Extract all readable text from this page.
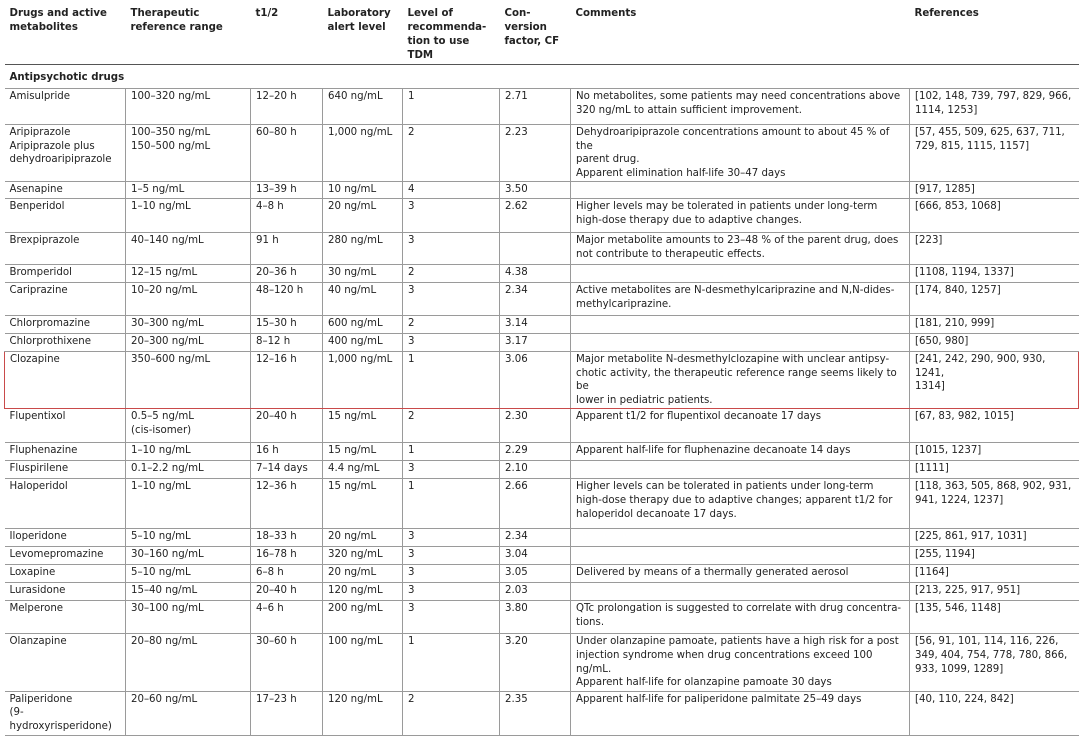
Drugs and active
metabolites	Therapeutic
reference range	t1/2	Laboratory
alert level	Level of
recommenda-
tion to use TDM	Con-
version
factor, CF	Comments	References
Antipsychotic drugs							
Amisulpride	100–320 ng/mL	12–20 h	640 ng/mL	1	2.71	No metabolites, some patients may need concentrations above
320 ng/mL to attain sufficient improvement.	[102, 148, 739, 797, 829, 966,
1114, 1253]
Aripiprazole
Aripiprazole plus
dehydroaripiprazole	100–350 ng/mL
150–500 ng/mL	60–80 h	1,000 ng/mL	2	2.23	Dehydroaripiprazole concentrations amount to about 45 % of the
parent drug.
Apparent elimination half-life 30–47 days	[57, 455, 509, 625, 637, 711,
729, 815, 1115, 1157]
Asenapine	1–5 ng/mL	13–39 h	10 ng/mL	4	3.50		[917, 1285]
Benperidol	1–10 ng/mL	4–8 h	20 ng/mL	3	2.62	Higher levels may be tolerated in patients under long-term
high-dose therapy due to adaptive changes.	[666, 853, 1068]
Brexpiprazole	40–140 ng/mL	91 h	280 ng/mL	3		Major metabolite amounts to 23–48 % of the parent drug, does
not contribute to therapeutic effects.	[223]
Bromperidol	12–15 ng/mL	20–36 h	30 ng/mL	2	4.38		[1108, 1194, 1337]
Cariprazine	10–20 ng/mL	48–120 h	40 ng/mL	3	2.34	Active metabolites are N-desmethylcariprazine and N,N-dides-
methylcariprazine.	[174, 840, 1257]
Chlorpromazine	30–300 ng/mL	15–30 h	600 ng/mL	2	3.14		[181, 210, 999]
Chlorprothixene	20–300 ng/mL	8–12 h	400 ng/mL	3	3.17		[650, 980]
Clozapine	350–600 ng/mL	12–16 h	1,000 ng/mL	1	3.06	Major metabolite N-desmethylclozapine with unclear antipsy-
chotic activity, the therapeutic reference range seems likely to be
lower in pediatric patients.	[241, 242, 290, 900, 930, 1241,
1314]
Flupentixol	0.5–5 ng/mL
(cis-isomer)	20–40 h	15 ng/mL	2	2.30	Apparent t1/2 for flupentixol decanoate 17 days	[67, 83, 982, 1015]
Fluphenazine	1–10 ng/mL	16 h	15 ng/mL	1	2.29	Apparent half-life for fluphenazine decanoate 14 days	[1015, 1237]
Fluspirilene	0.1–2.2 ng/mL	7–14 days	4.4 ng/mL	3	2.10		[1111]
Haloperidol	1–10 ng/mL	12–36 h	15 ng/mL	1	2.66	Higher levels can be tolerated in patients under long-term
high-dose therapy due to adaptive changes; apparent t1/2 for
haloperidol decanoate 17 days.	[118, 363, 505, 868, 902, 931,
941, 1224, 1237]
Iloperidone	5–10 ng/mL	18–33 h	20 ng/mL	3	2.34		[225, 861, 917, 1031]
Levomepromazine	30–160 ng/mL	16–78 h	320 ng/mL	3	3.04		[255, 1194]
Loxapine	5–10 ng/mL	6–8 h	20 ng/mL	3	3.05	Delivered by means of a thermally generated aerosol	[1164]
Lurasidone	15–40 ng/mL	20–40 h	120 ng/mL	3	2.03		[213, 225, 917, 951]
Melperone	30–100 ng/mL	4–6 h	200 ng/mL	3	3.80	QTc prolongation is suggested to correlate with drug concentra-
tions.	[135, 546, 1148]
Olanzapine	20–80 ng/mL	30–60 h	100 ng/mL	1	3.20	Under olanzapine pamoate, patients have a high risk for a post
injection syndrome when drug concentrations exceed 100 ng/mL.
Apparent half-life for olanzapine pamoate 30 days	[56, 91, 101, 114, 116, 226,
349, 404, 754, 778, 780, 866,
933, 1099, 1289]
Paliperidone
(9-hydroxyrisperidone)	20–60 ng/mL	17–23 h	120 ng/mL	2	2.35	Apparent half-life for paliperidone palmitate 25–49 days	[40, 110, 224, 842]
